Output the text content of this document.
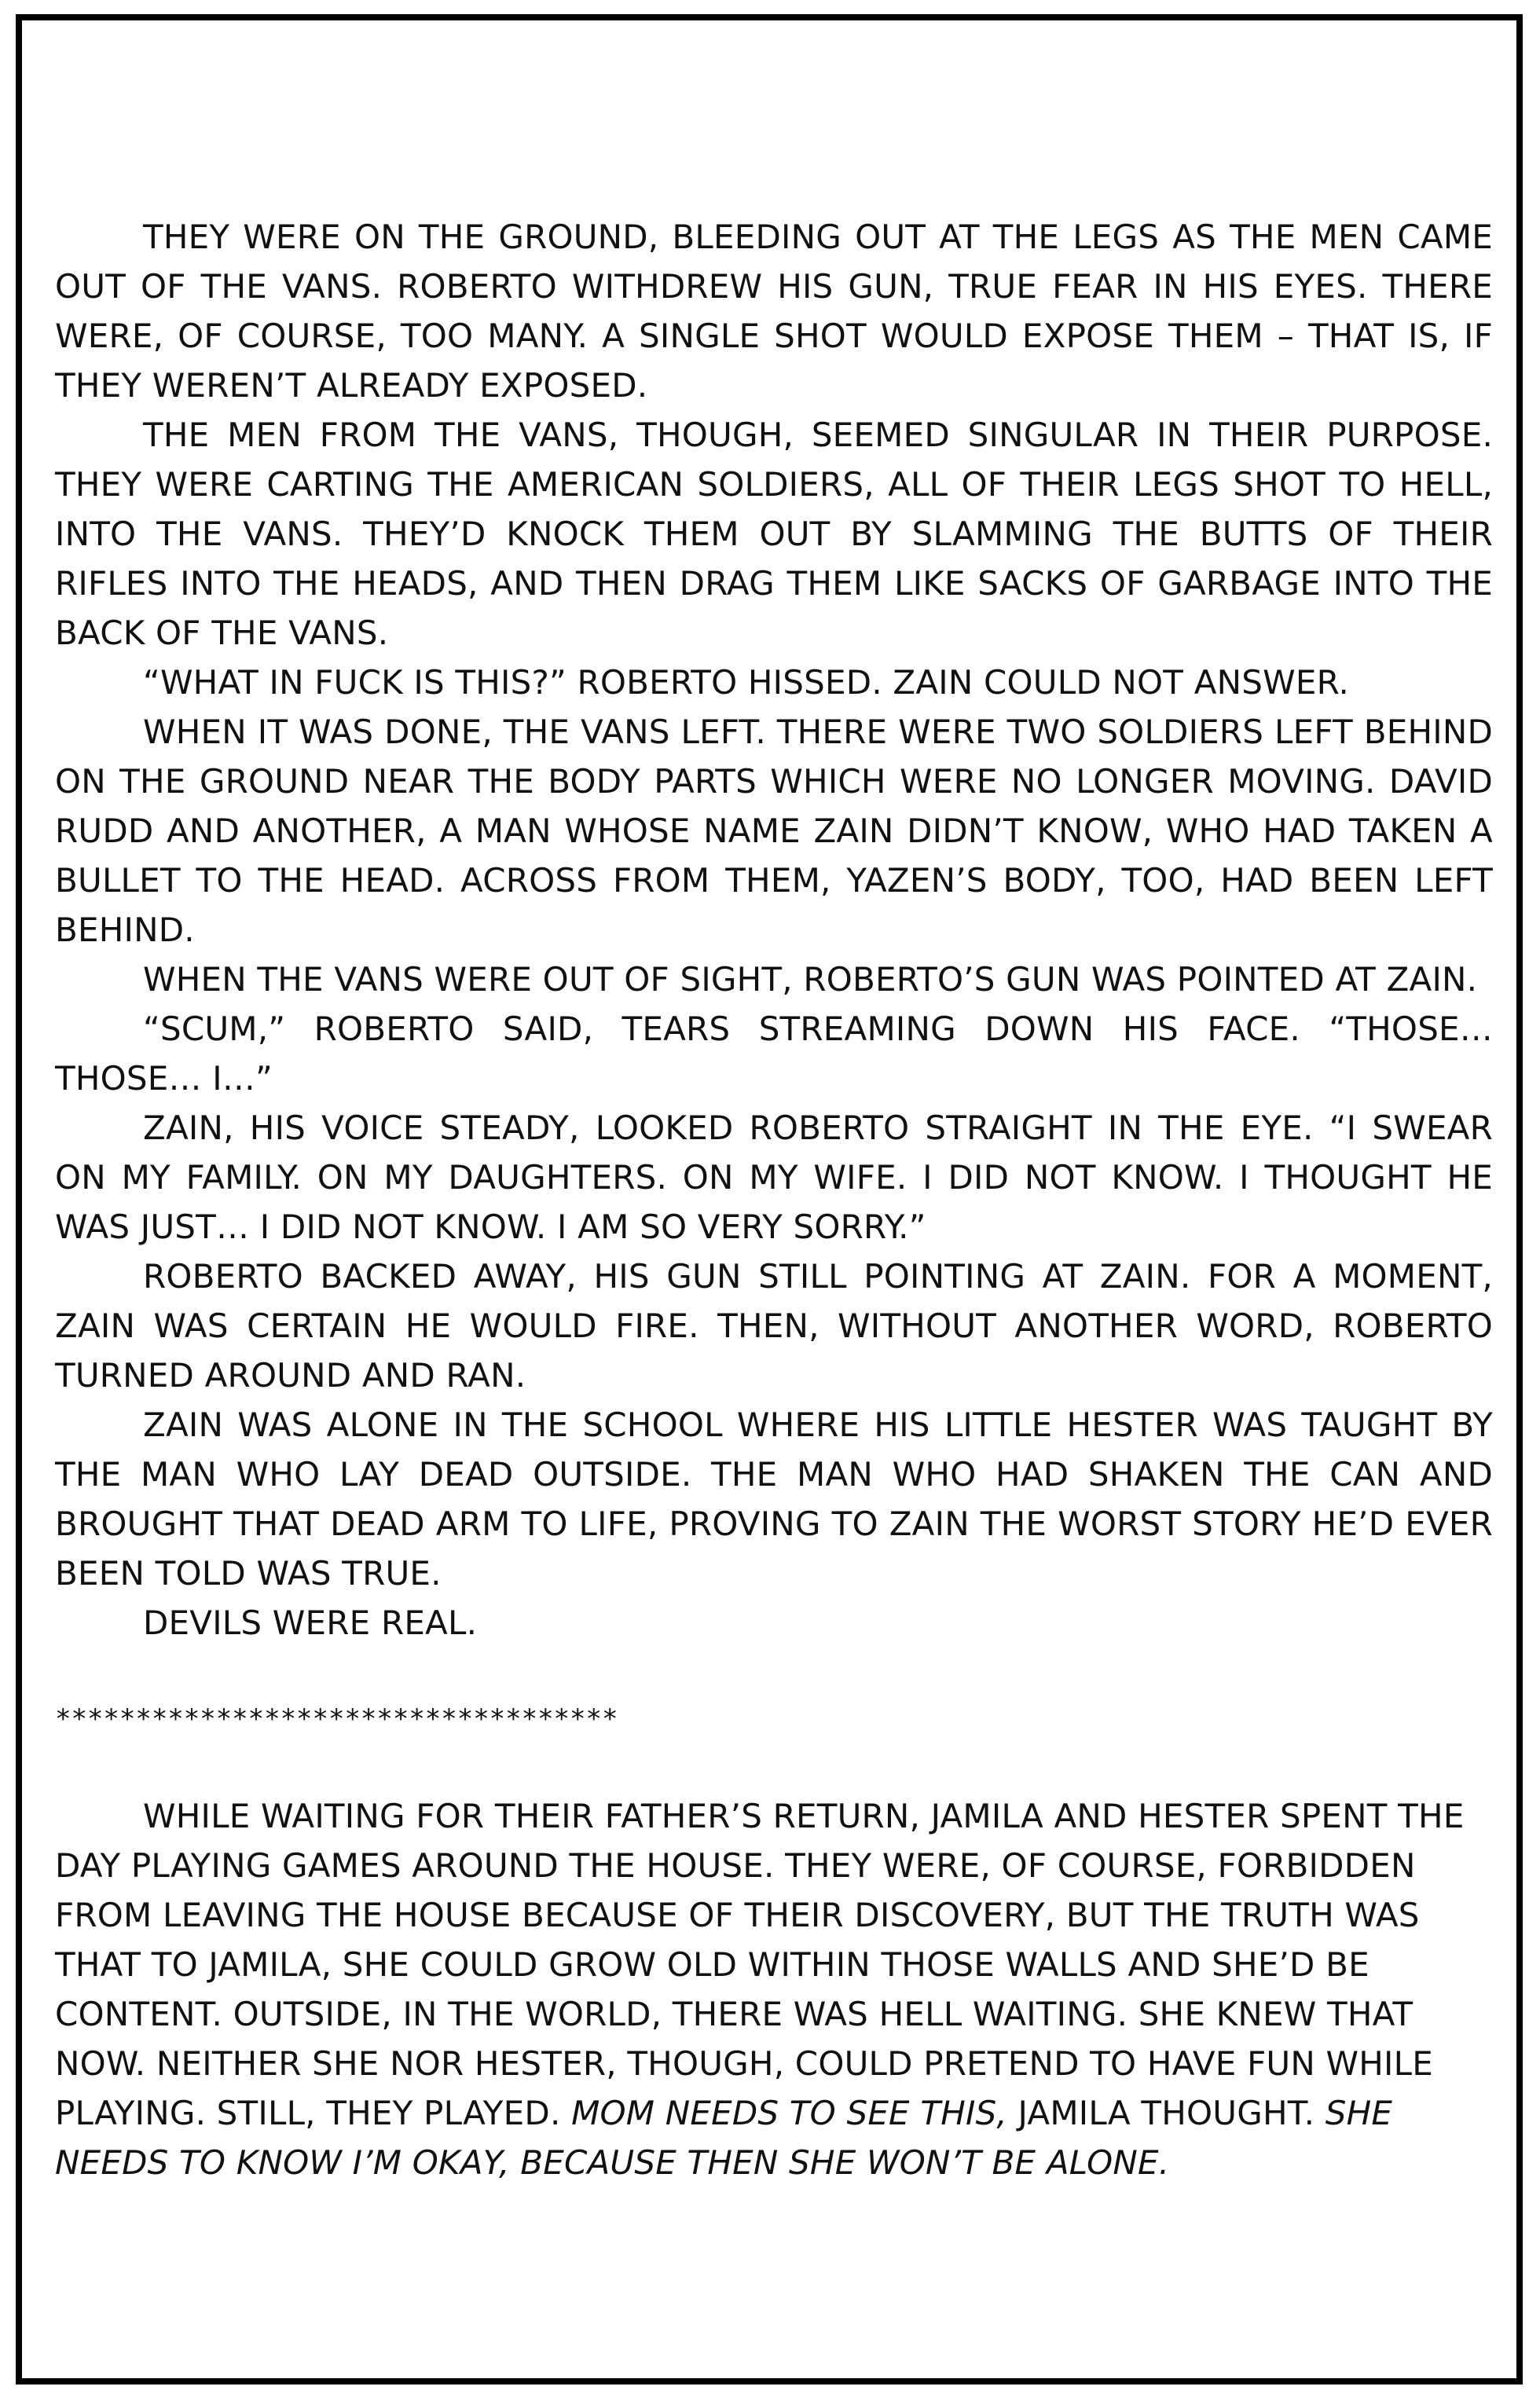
THEY WERE ON THE GROUND, BLEEDING OUT AT THE LEGS AS THE MEN CAME OUT OF THE VANS. ROBERTO WITHDREW HIS GUN, TRUE FEAR IN HIS EYES. THERE WERE, OF COURSE, TOO MANY. A SINGLE SHOT WOULD EXPOSE THEM – THAT IS, IF THEY WEREN’T ALREADY EXPOSED.

THE MEN FROM THE VANS, THOUGH, SEEMED SINGULAR IN THEIR PURPOSE. THEY WERE CARTING THE AMERICAN SOLDIERS, ALL OF THEIR LEGS SHOT TO HELL, INTO THE VANS. THEY’D KNOCK THEM OUT BY SLAMMING THE BUTTS OF THEIR RIFLES INTO THE HEADS, AND THEN DRAG THEM LIKE SACKS OF GARBAGE INTO THE BACK OF THE VANS.

“WHAT IN FUCK IS THIS?” ROBERTO HISSED. ZAIN COULD NOT ANSWER.

WHEN IT WAS DONE, THE VANS LEFT. THERE WERE TWO SOLDIERS LEFT BEHIND ON THE GROUND NEAR THE BODY PARTS WHICH WERE NO LONGER MOVING. DAVID RUDD AND ANOTHER, A MAN WHOSE NAME ZAIN DIDN’T KNOW, WHO HAD TAKEN A BULLET TO THE HEAD. ACROSS FROM THEM, YAZEN’S BODY, TOO, HAD BEEN LEFT BEHIND.

WHEN THE VANS WERE OUT OF SIGHT, ROBERTO’S GUN WAS POINTED AT ZAIN.

“SCUM,” ROBERTO SAID, TEARS STREAMING DOWN HIS FACE. “THOSE… THOSE… I…”

ZAIN, HIS VOICE STEADY, LOOKED ROBERTO STRAIGHT IN THE EYE. “I SWEAR ON MY FAMILY. ON MY DAUGHTERS. ON MY WIFE. I DID NOT KNOW. I THOUGHT HE WAS JUST… I DID NOT KNOW. I AM SO VERY SORRY.”

ROBERTO BACKED AWAY, HIS GUN STILL POINTING AT ZAIN. FOR A MOMENT, ZAIN WAS CERTAIN HE WOULD FIRE. THEN, WITHOUT ANOTHER WORD, ROBERTO TURNED AROUND AND RAN.

ZAIN WAS ALONE IN THE SCHOOL WHERE HIS LITTLE HESTER WAS TAUGHT BY THE MAN WHO LAY DEAD OUTSIDE. THE MAN WHO HAD SHAKEN THE CAN AND BROUGHT THAT DEAD ARM TO LIFE, PROVING TO ZAIN THE WORST STORY HE’D EVER BEEN TOLD WAS TRUE.

DEVILS WERE REAL.

***********************************

WHILE WAITING FOR THEIR FATHER’S RETURN, JAMILA AND HESTER SPENT THE DAY PLAYING GAMES AROUND THE HOUSE. THEY WERE, OF COURSE, FORBIDDEN FROM LEAVING THE HOUSE BECAUSE OF THEIR DISCOVERY, BUT THE TRUTH WAS THAT TO JAMILA, SHE COULD GROW OLD WITHIN THOSE WALLS AND SHE’D BE CONTENT. OUTSIDE, IN THE WORLD, THERE WAS HELL WAITING. SHE KNEW THAT NOW. NEITHER SHE NOR HESTER, THOUGH, COULD PRETEND TO HAVE FUN WHILE PLAYING. STILL, THEY PLAYED. MOM NEEDS TO SEE THIS, JAMILA THOUGHT. SHE NEEDS TO KNOW I’M OKAY, BECAUSE THEN SHE WON’T BE ALONE.
